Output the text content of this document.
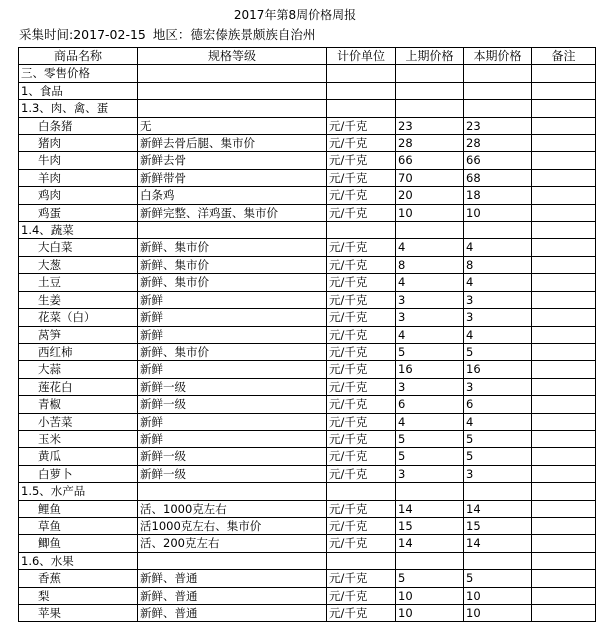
2017年第8周价格周报
采集时间:2017-02-15 地区：德宏傣族景颇族自治州
商品名称	规格等级	计价单位	上期价格	本期价格	备注
三、零售价格					
1、食品					
1.3、肉、禽、蛋					
白条猪	无	元/千克	23	23	
猪肉	新鲜去骨后腿、集市价	元/千克	28	28	
牛肉	新鲜去骨	元/千克	66	66	
羊肉	新鲜带骨	元/千克	70	68	
鸡肉	白条鸡	元/千克	20	18	
鸡蛋	新鲜完整、洋鸡蛋、集市价	元/千克	10	10	
1.4、蔬菜					
大白菜	新鲜、集市价	元/千克	4	4	
大葱	新鲜、集市价	元/千克	8	8	
土豆	新鲜、集市价	元/千克	4	4	
生姜	新鲜	元/千克	3	3	
花菜（白）	新鲜	元/千克	3	3	
莴笋	新鲜	元/千克	4	4	
西红柿	新鲜、集市价	元/千克	5	5	
大蒜	新鲜	元/千克	16	16	
莲花白	新鲜一级	元/千克	3	3	
青椒	新鲜一级	元/千克	6	6	
小苦菜	新鲜	元/千克	4	4	
玉米	新鲜	元/千克	5	5	
黄瓜	新鲜一级	元/千克	5	5	
白萝卜	新鲜一级	元/千克	3	3	
1.5、水产品					
鲤鱼	活、1000克左右	元/千克	14	14	
草鱼	活1000克左右、集市价	元/千克	15	15	
鲫鱼	活、200克左右	元/千克	14	14	
1.6、水果					
香蕉	新鲜、普通	元/千克	5	5	
梨	新鲜、普通	元/千克	10	10	
苹果	新鲜、普通	元/千克	10	10	
